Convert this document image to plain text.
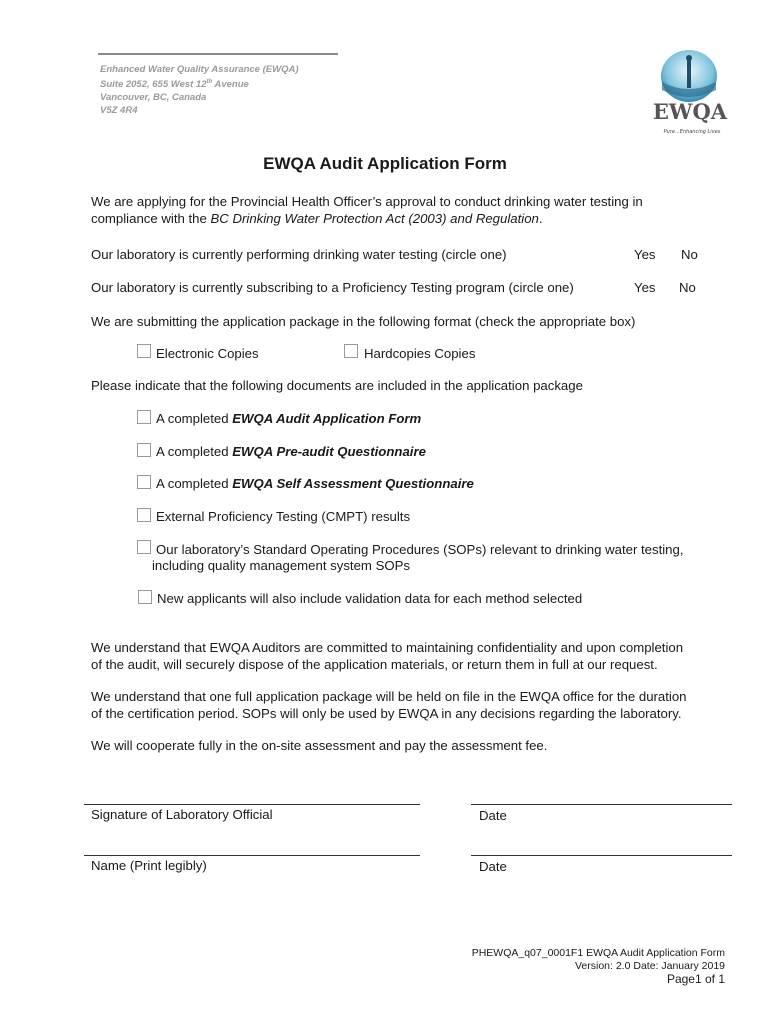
Enhanced Water Quality Assurance (EWQA)
Suite 2052, 655 West 12th Avenue
Vancouver, BC, Canada
V5Z 4R4	EWQA
Pure...Enhancing Lives
EWQA Audit Application Form
We are applying for the Provincial Health Officer’s approval to conduct drinking water testing in
compliance with the BC Drinking Water Protection Act (2003) and Regulation.
Our laboratory is currently performing drinking water testing (circle one)	Yes No
Our laboratory is currently subscribing to a Proficiency Testing program (circle one)	Yes No
We are submitting the application package in the following format (check the appropriate box)
Electronic Copies	Hardcopies Copies
Please indicate that the following documents are included in the application package
A completed EWQA Audit Application Form
A completed EWQA Pre-audit Questionnaire
A completed EWQA Self Assessment Questionnaire
External Proficiency Testing (CMPT) results
Our laboratory’s Standard Operating Procedures (SOPs) relevant to drinking water testing,
including quality management system SOPs
New applicants will also include validation data for each method selected
We understand that EWQA Auditors are committed to maintaining confidentiality and upon completion
of the audit, will securely dispose of the application materials, or return them in full at our request.
We understand that one full application package will be held on file in the EWQA office for the duration
of the certification period. SOPs will only be used by EWQA in any decisions regarding the laboratory.
We will cooperate fully in the on-site assessment and pay the assessment fee.
Signature of Laboratory Official	Date
Name (Print legibly)	Date
PHEWQA_q07_0001F1 EWQA Audit Application Form
Version: 2.0 Date: January 2019
Page1 of 1
